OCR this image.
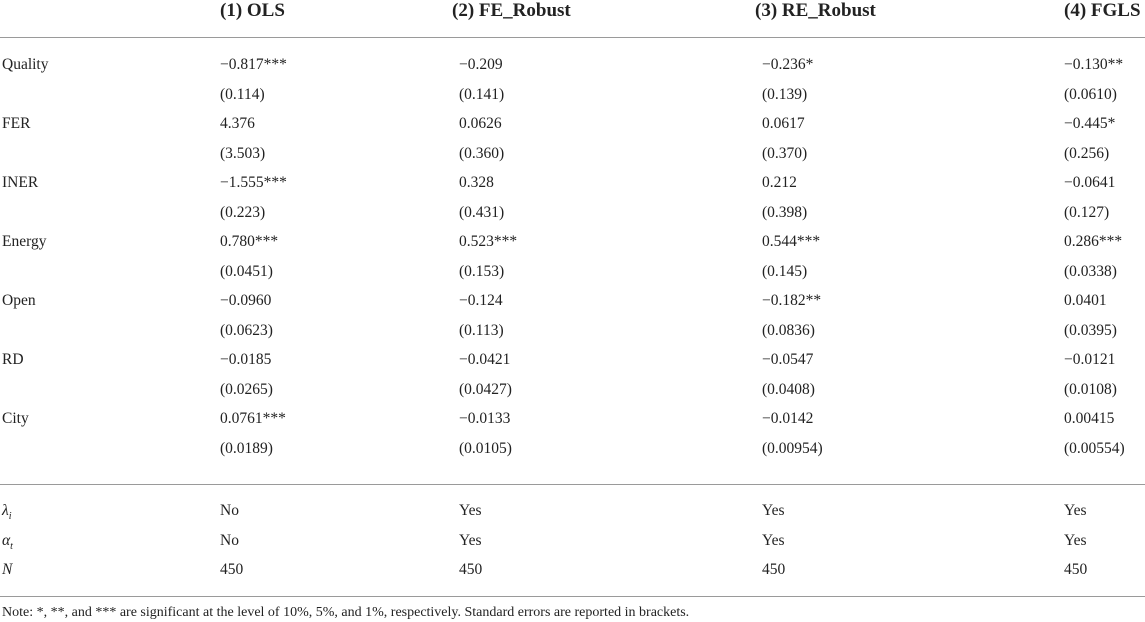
(1) OLS	(2) FE_Robust	(3) RE_Robust	(4) FGLS
Quality	−0.817***	−0.209	−0.236*	−0.130**
(0.114)	(0.141)	(0.139)	(0.0610)
FER	4.376	0.0626	0.0617	−0.445*
(3.503)	(0.360)	(0.370)	(0.256)
INER	−1.555***	0.328	0.212	−0.0641
(0.223)	(0.431)	(0.398)	(0.127)
Energy	0.780***	0.523***	0.544***	0.286***
(0.0451)	(0.153)	(0.145)	(0.0338)
Open	−0.0960	−0.124	−0.182**	0.0401
(0.0623)	(0.113)	(0.0836)	(0.0395)
RD	−0.0185	−0.0421	−0.0547	−0.0121
(0.0265)	(0.0427)	(0.0408)	(0.0108)
City	0.0761***	−0.0133	−0.0142	0.00415
(0.0189)	(0.0105)	(0.00954)	(0.00554)
$\lambda_i$	No	Yes	Yes	Yes
$\alpha_t$	No	Yes	Yes	Yes
N	450	450	450	450
Note: *, **, and *** are significant at the level of 10%, 5%, and 1%, respectively. Standard errors are reported in brackets.
